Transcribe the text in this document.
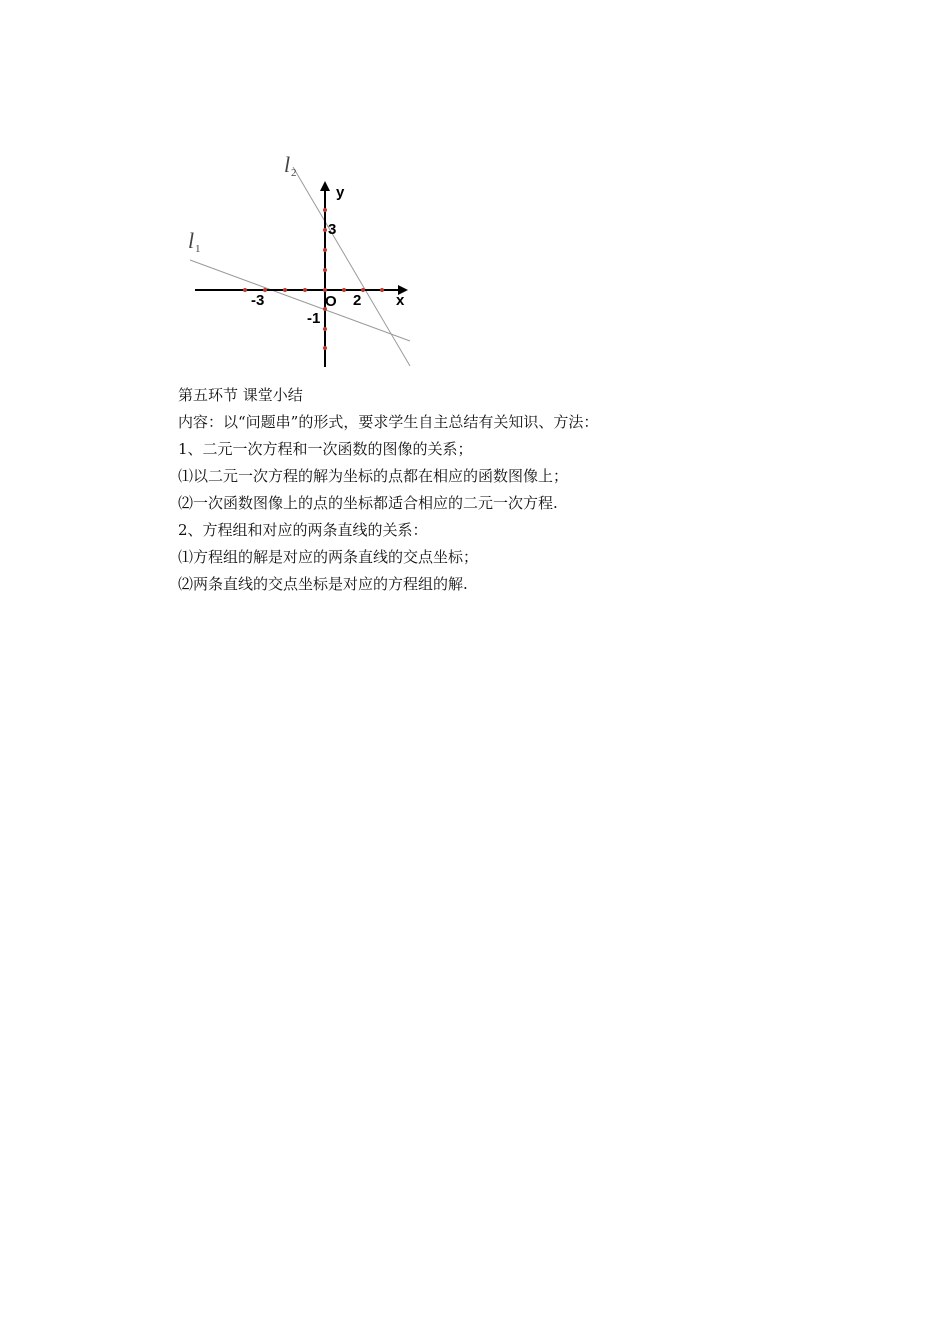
l 1
l 2
y
x
O
-3	2
3
-1

第五环节 课堂小结

内容：以“问题串”的形式，要求学生自主总结有关知识、方法：

1、二元一次方程和一次函数的图像的关系；

⑴以二元一次方程的解为坐标的点都在相应的函数图像上；

⑵一次函数图像上的点的坐标都适合相应的二元一次方程.

2、方程组和对应的两条直线的关系：

⑴方程组的解是对应的两条直线的交点坐标；

⑵两条直线的交点坐标是对应的方程组的解.
